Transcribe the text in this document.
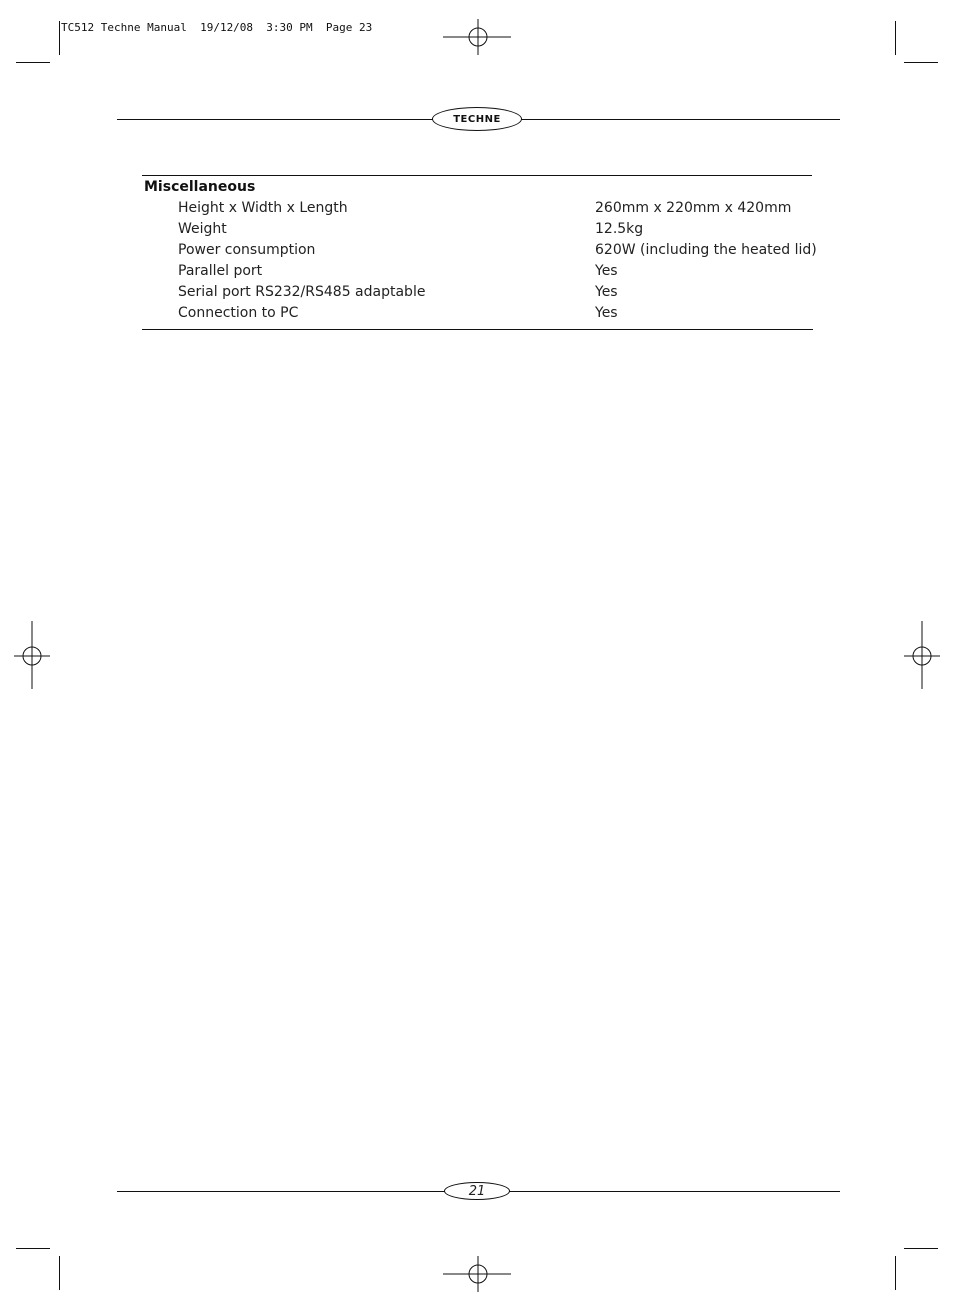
TC512 Techne Manual  19/12/08  3:30 PM  Page 23
TECHNE
Miscellaneous
Height x Width x Length	260mm x 220mm x 420mm
Weight	12.5kg
Power consumption	620W (including the heated lid)
Parallel port	Yes
Serial port RS232/RS485 adaptable	Yes
Connection to PC	Yes
21
